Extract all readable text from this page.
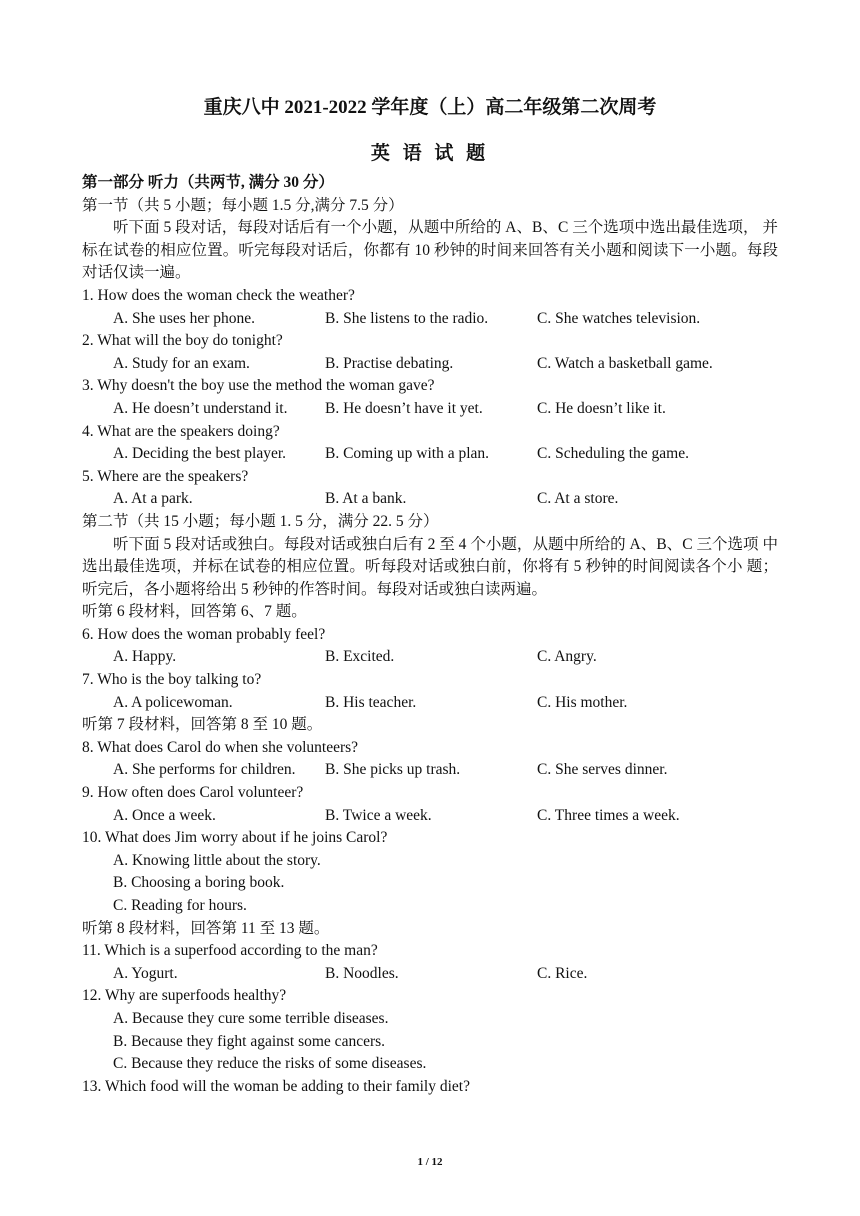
重庆八中 2021-2022 学年度（上）高二年级第二次周考
英 语 试 题
第一部分 听力（共两节, 满分 30 分）
第一节（共 5 小题；每小题 1.5 分,满分 7.5 分）
听下面 5 段对话，每段对话后有一个小题，从题中所给的 A、B、C 三个选项中选出最佳选项， 并标在试卷的相应位置。听完每段对话后，你都有 10 秒钟的时间来回答有关小题和阅读下一小题。每段对话仅读一遍。
1. How does the woman check the weather?
A. She uses her phone.	B. She listens to the radio.	C. She watches television.
2. What will the boy do tonight?
A. Study for an exam.	B. Practise debating.	C. Watch a basketball game.
3. Why doesn't the boy use the method the woman gave?
A. He doesn’t understand it. B. He doesn’t have it yet.	C. He doesn’t like it.
4. What are the speakers doing?
A. Deciding the best player.	B. Coming up with a plan.	C. Scheduling the game.
5. Where are the speakers?
A. At a park.	B. At a bank.	C. At a store.
第二节（共 15 小题；每小题 1. 5 分，满分 22. 5 分）
听下面 5 段对话或独白。每段对话或独白后有 2 至 4 个小题，从题中所给的 A、B、C 三个选项 中选出最佳选项，并标在试卷的相应位置。听每段对话或独白前，你将有 5 秒钟的时间阅读各个小 题；听完后，各小题将给出 5 秒钟的作答时间。每段对话或独白读两遍。
听第 6 段材料，回答第 6、7 题。
6. How does the woman probably feel?
A. Happy.	B. Excited.	C. Angry.
7. Who is the boy talking to?
A. A policewoman.	B. His teacher.	C. His mother.
听第 7 段材料，回答第 8 至 10 题。
8. What does Carol do when she volunteers?
A. She performs for children. B. She picks up trash.	C. She serves dinner.
9. How often does Carol volunteer?
A. Once a week.	B. Twice a week.	C. Three times a week.
10. What does Jim worry about if he joins Carol?
A. Knowing little about the story.
B. Choosing a boring book.
C. Reading for hours.
听第 8 段材料，回答第 11 至 13 题。
11. Which is a superfood according to the man?
A. Yogurt.	B. Noodles.	C. Rice.
12. Why are superfoods healthy?
A. Because they cure some terrible diseases.
B. Because they fight against some cancers.
C. Because they reduce the risks of some diseases.
13. Which food will the woman be adding to their family diet?
1 / 12
